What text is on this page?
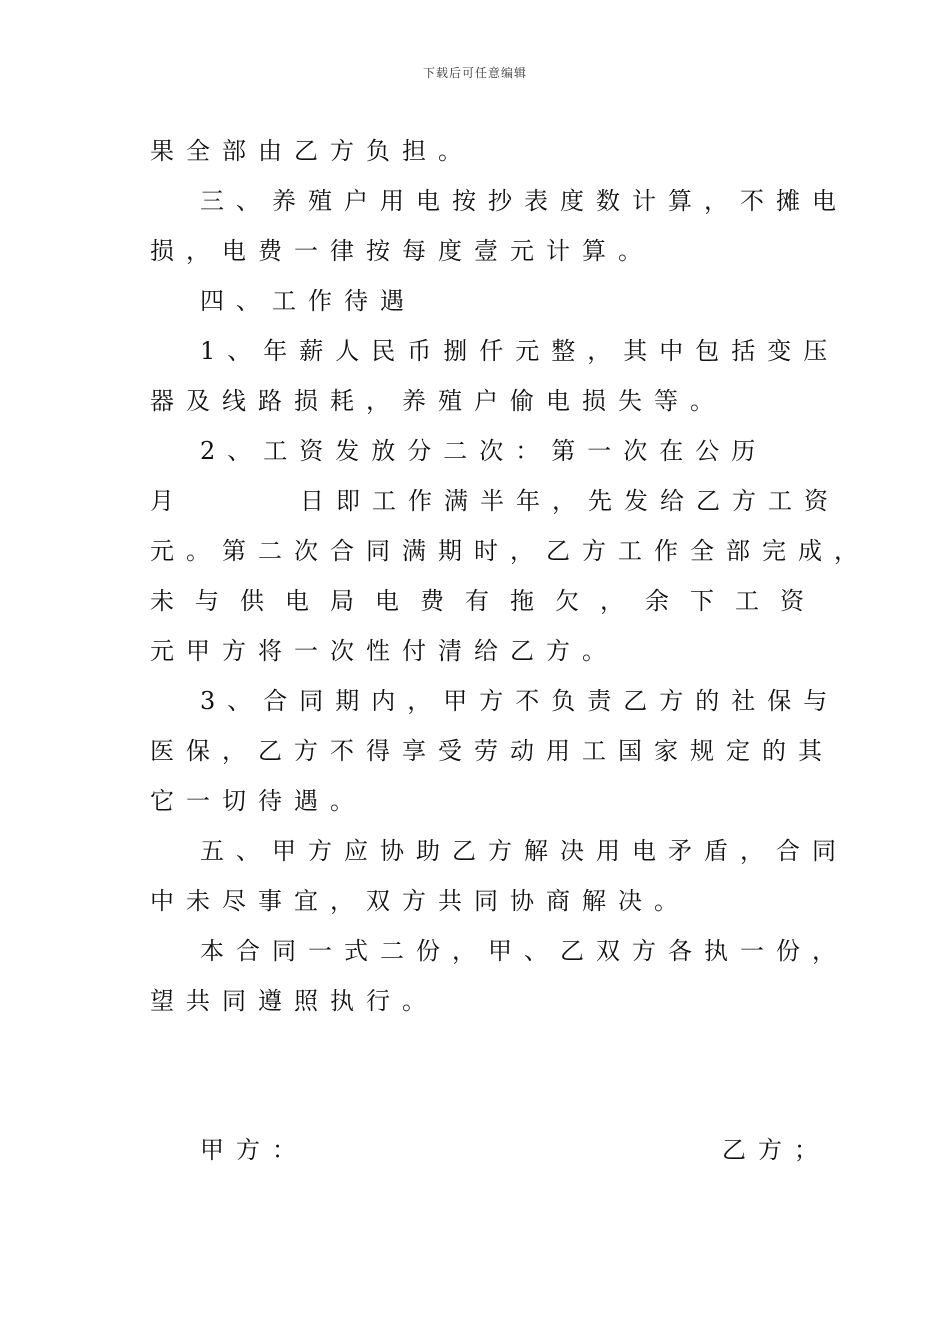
下载后可任意编辑
果全部由乙方负担。
三、养殖户用电按抄表度数计算，不摊电
损，电费一律按每度壹元计算。
四、工作待遇
1、年薪人民币捌仟元整，其中包括变压
器及线路损耗，养殖户偷电损失等。
2、工资发放分二次：第一次在公历
月	日即工作满半年，先发给乙方工资
元。第二次合同满期时，乙方工作全部完成，
未与供电局电费有拖欠，余下工资
元甲方将一次性付清给乙方。
3、合同期内，甲方不负责乙方的社保与
医保，乙方不得享受劳动用工国家规定的其
它一切待遇。
五、甲方应协助乙方解决用电矛盾，合同
中未尽事宜，双方共同协商解决。
本合同一式二份，甲、乙双方各执一份，
望共同遵照执行。
甲方：	乙方；
